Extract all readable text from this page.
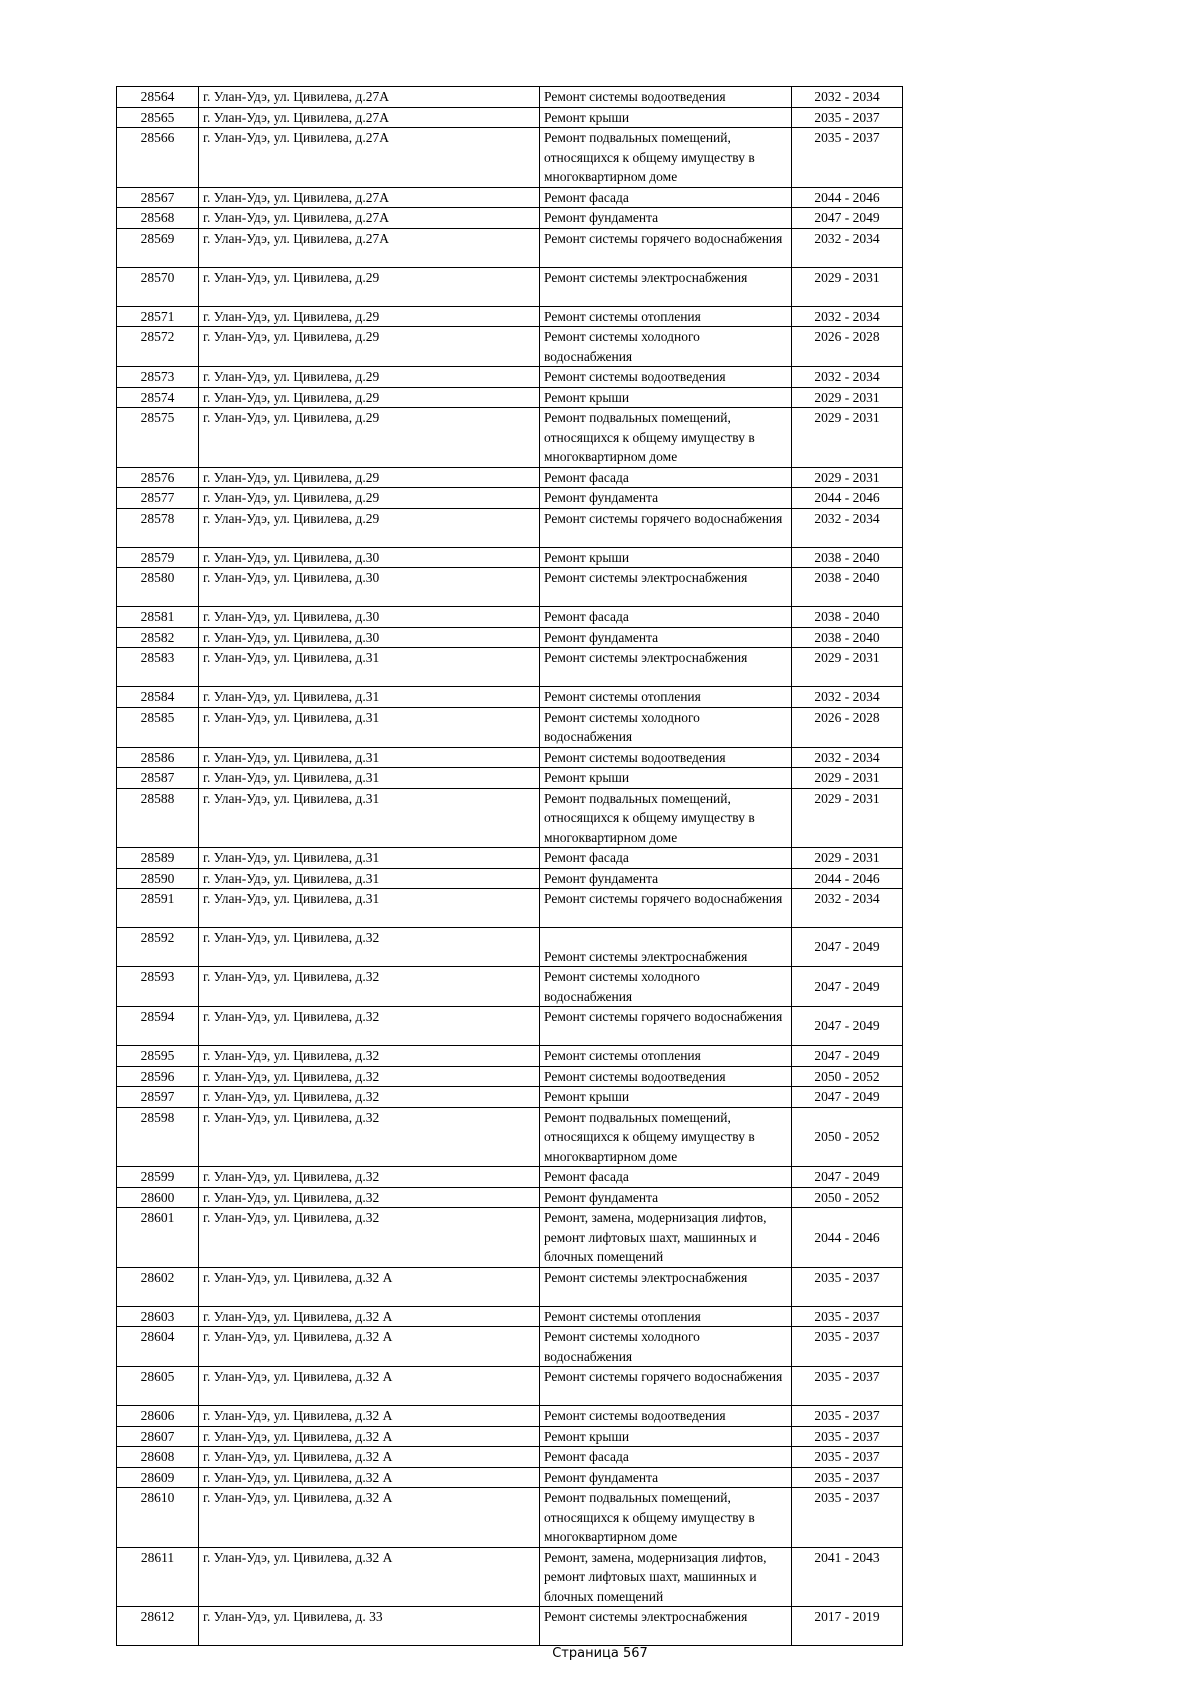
28564	г. Улан-Удэ, ул. Цивилева, д.27А	Ремонт системы водоотведения	2032 - 2034
28565	г. Улан-Удэ, ул. Цивилева, д.27А	Ремонт крыши	2035 - 2037
28566	г. Улан-Удэ, ул. Цивилева, д.27А	Ремонт подвальных помещений, относящихся к общему имуществу в многоквартирном доме	2035 - 2037
28567	г. Улан-Удэ, ул. Цивилева, д.27А	Ремонт фасада	2044 - 2046
28568	г. Улан-Удэ, ул. Цивилева, д.27А	Ремонт фундамента	2047 - 2049
28569	г. Улан-Удэ, ул. Цивилева, д.27А	Ремонт системы горячего водоснабжения	2032 - 2034
28570	г. Улан-Удэ, ул. Цивилева, д.29	Ремонт системы электроснабжения	2029 - 2031
28571	г. Улан-Удэ, ул. Цивилева, д.29	Ремонт системы отопления	2032 - 2034
28572	г. Улан-Удэ, ул. Цивилева, д.29	Ремонт системы холодного водоснабжения	2026 - 2028
28573	г. Улан-Удэ, ул. Цивилева, д.29	Ремонт системы водоотведения	2032 - 2034
28574	г. Улан-Удэ, ул. Цивилева, д.29	Ремонт крыши	2029 - 2031
28575	г. Улан-Удэ, ул. Цивилева, д.29	Ремонт подвальных помещений, относящихся к общему имуществу в многоквартирном доме	2029 - 2031
28576	г. Улан-Удэ, ул. Цивилева, д.29	Ремонт фасада	2029 - 2031
28577	г. Улан-Удэ, ул. Цивилева, д.29	Ремонт фундамента	2044 - 2046
28578	г. Улан-Удэ, ул. Цивилева, д.29	Ремонт системы горячего водоснабжения	2032 - 2034
28579	г. Улан-Удэ, ул. Цивилева, д.30	Ремонт крыши	2038 - 2040
28580	г. Улан-Удэ, ул. Цивилева, д.30	Ремонт системы электроснабжения	2038 - 2040
28581	г. Улан-Удэ, ул. Цивилева, д.30	Ремонт фасада	2038 - 2040
28582	г. Улан-Удэ, ул. Цивилева, д.30	Ремонт фундамента	2038 - 2040
28583	г. Улан-Удэ, ул. Цивилева, д.31	Ремонт системы электроснабжения	2029 - 2031
28584	г. Улан-Удэ, ул. Цивилева, д.31	Ремонт системы отопления	2032 - 2034
28585	г. Улан-Удэ, ул. Цивилева, д.31	Ремонт системы холодного водоснабжения	2026 - 2028
28586	г. Улан-Удэ, ул. Цивилева, д.31	Ремонт системы водоотведения	2032 - 2034
28587	г. Улан-Удэ, ул. Цивилева, д.31	Ремонт крыши	2029 - 2031
28588	г. Улан-Удэ, ул. Цивилева, д.31	Ремонт подвальных помещений, относящихся к общему имуществу в многоквартирном доме	2029 - 2031
28589	г. Улан-Удэ, ул. Цивилева, д.31	Ремонт фасада	2029 - 2031
28590	г. Улан-Удэ, ул. Цивилева, д.31	Ремонт фундамента	2044 - 2046
28591	г. Улан-Удэ, ул. Цивилева, д.31	Ремонт системы горячего водоснабжения	2032 - 2034
28592	г. Улан-Удэ, ул. Цивилева, д.32	Ремонт системы электроснабжения	2047 - 2049
28593	г. Улан-Удэ, ул. Цивилева, д.32	Ремонт системы холодного водоснабжения	2047 - 2049
28594	г. Улан-Удэ, ул. Цивилева, д.32	Ремонт системы горячего водоснабжения	2047 - 2049
28595	г. Улан-Удэ, ул. Цивилева, д.32	Ремонт системы отопления	2047 - 2049
28596	г. Улан-Удэ, ул. Цивилева, д.32	Ремонт системы водоотведения	2050 - 2052
28597	г. Улан-Удэ, ул. Цивилева, д.32	Ремонт крыши	2047 - 2049
28598	г. Улан-Удэ, ул. Цивилева, д.32	Ремонт подвальных помещений, относящихся к общему имуществу в многоквартирном доме	2050 - 2052
28599	г. Улан-Удэ, ул. Цивилева, д.32	Ремонт фасада	2047 - 2049
28600	г. Улан-Удэ, ул. Цивилева, д.32	Ремонт фундамента	2050 - 2052
28601	г. Улан-Удэ, ул. Цивилева, д.32	Ремонт, замена, модернизация лифтов, ремонт лифтовых шахт, машинных и блочных помещений	2044 - 2046
28602	г. Улан-Удэ, ул. Цивилева, д.32 А	Ремонт системы электроснабжения	2035 - 2037
28603	г. Улан-Удэ, ул. Цивилева, д.32 А	Ремонт системы отопления	2035 - 2037
28604	г. Улан-Удэ, ул. Цивилева, д.32 А	Ремонт системы холодного водоснабжения	2035 - 2037
28605	г. Улан-Удэ, ул. Цивилева, д.32 А	Ремонт системы горячего водоснабжения	2035 - 2037
28606	г. Улан-Удэ, ул. Цивилева, д.32 А	Ремонт системы водоотведения	2035 - 2037
28607	г. Улан-Удэ, ул. Цивилева, д.32 А	Ремонт крыши	2035 - 2037
28608	г. Улан-Удэ, ул. Цивилева, д.32 А	Ремонт фасада	2035 - 2037
28609	г. Улан-Удэ, ул. Цивилева, д.32 А	Ремонт фундамента	2035 - 2037
28610	г. Улан-Удэ, ул. Цивилева, д.32 А	Ремонт подвальных помещений, относящихся к общему имуществу в многоквартирном доме	2035 - 2037
28611	г. Улан-Удэ, ул. Цивилева, д.32 А	Ремонт, замена, модернизация лифтов, ремонт лифтовых шахт, машинных и блочных помещений	2041 - 2043
28612	г. Улан-Удэ, ул. Цивилева, д. 33	Ремонт системы электроснабжения	2017 - 2019
Страница 567
